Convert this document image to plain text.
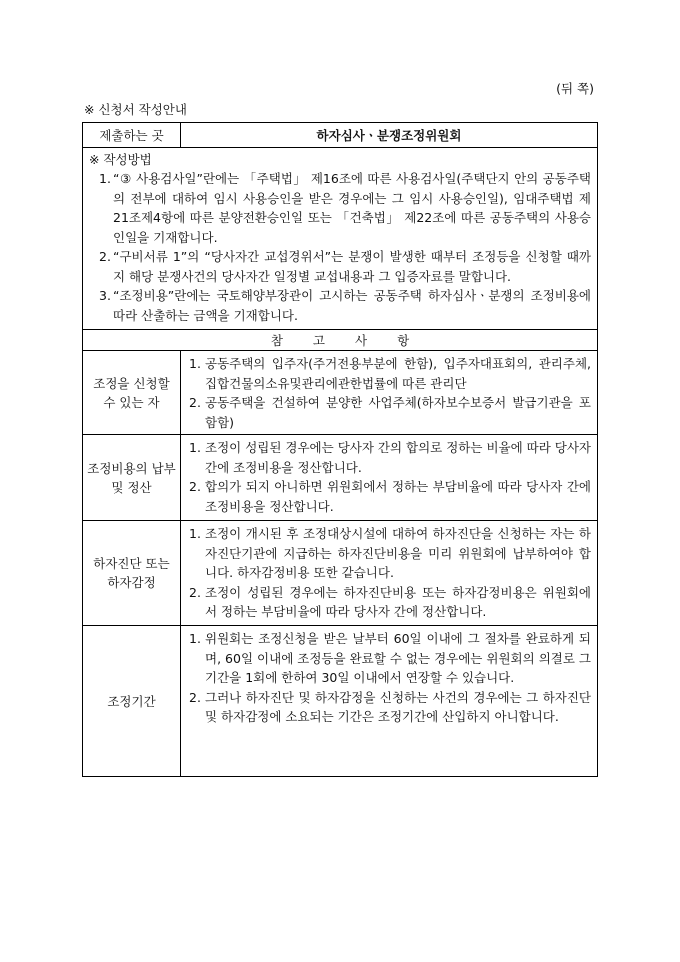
(뒤 쪽)
※ 신청서 작성안내
제출하는 곳	하자심사ㆍ분쟁조정위원회
※ 작성방법
1. “③ 사용검사일”란에는 「주택법」 제16조에 따른 사용검사일(주택단지 안의 공동주택의 전부에 대하여 임시 사용승인을 받은 경우에는 그 임시 사용승인일), 임대주택법 제21조제4항에 따른 분양전환승인일 또는 「건축법」 제22조에 따른 공동주택의 사용승인일을 기재합니다.
2. “구비서류 1”의 “당사자간 교섭경위서”는 분쟁이 발생한 때부터 조정등을 신청할 때까지 해당 분쟁사건의 당사자간 일정별 교섭내용과 그 입증자료를 말합니다.
3. “조정비용”란에는 국토해양부장관이 고시하는 공동주택 하자심사ㆍ분쟁의 조정비용에 따라 산출하는 금액을 기재합니다.
참고사항
조정을 신청할 수 있는 자
1. 공동주택의 입주자(주거전용부분에 한함), 입주자대표회의, 관리주체, 집합건물의소유및관리에관한법률에 따른 관리단
2. 공동주택을 건설하여 분양한 사업주체(하자보수보증서 발급기관을 포함함)
조정비용의 납부 및 정산
1. 조정이 성립된 경우에는 당사자 간의 합의로 정하는 비율에 따라 당사자 간에 조정비용을 정산합니다.
2. 합의가 되지 아니하면 위원회에서 정하는 부담비율에 따라 당사자 간에 조정비용을 정산합니다.
하자진단 또는 하자감정
1. 조정이 개시된 후 조정대상시설에 대하여 하자진단을 신청하는 자는 하자진단기관에 지급하는 하자진단비용을 미리 위원회에 납부하여야 합니다. 하자감정비용 또한 같습니다.
2. 조정이 성립된 경우에는 하자진단비용 또는 하자감정비용은 위원회에서 정하는 부담비율에 따라 당사자 간에 정산합니다.
조정기간
1. 위원회는 조정신청을 받은 날부터 60일 이내에 그 절차를 완료하게 되며, 60일 이내에 조정등을 완료할 수 없는 경우에는 위원회의 의결로 그 기간을 1회에 한하여 30일 이내에서 연장할 수 있습니다.
2. 그러나 하자진단 및 하자감정을 신청하는 사건의 경우에는 그 하자진단 및 하자감정에 소요되는 기간은 조정기간에 산입하지 아니합니다.
